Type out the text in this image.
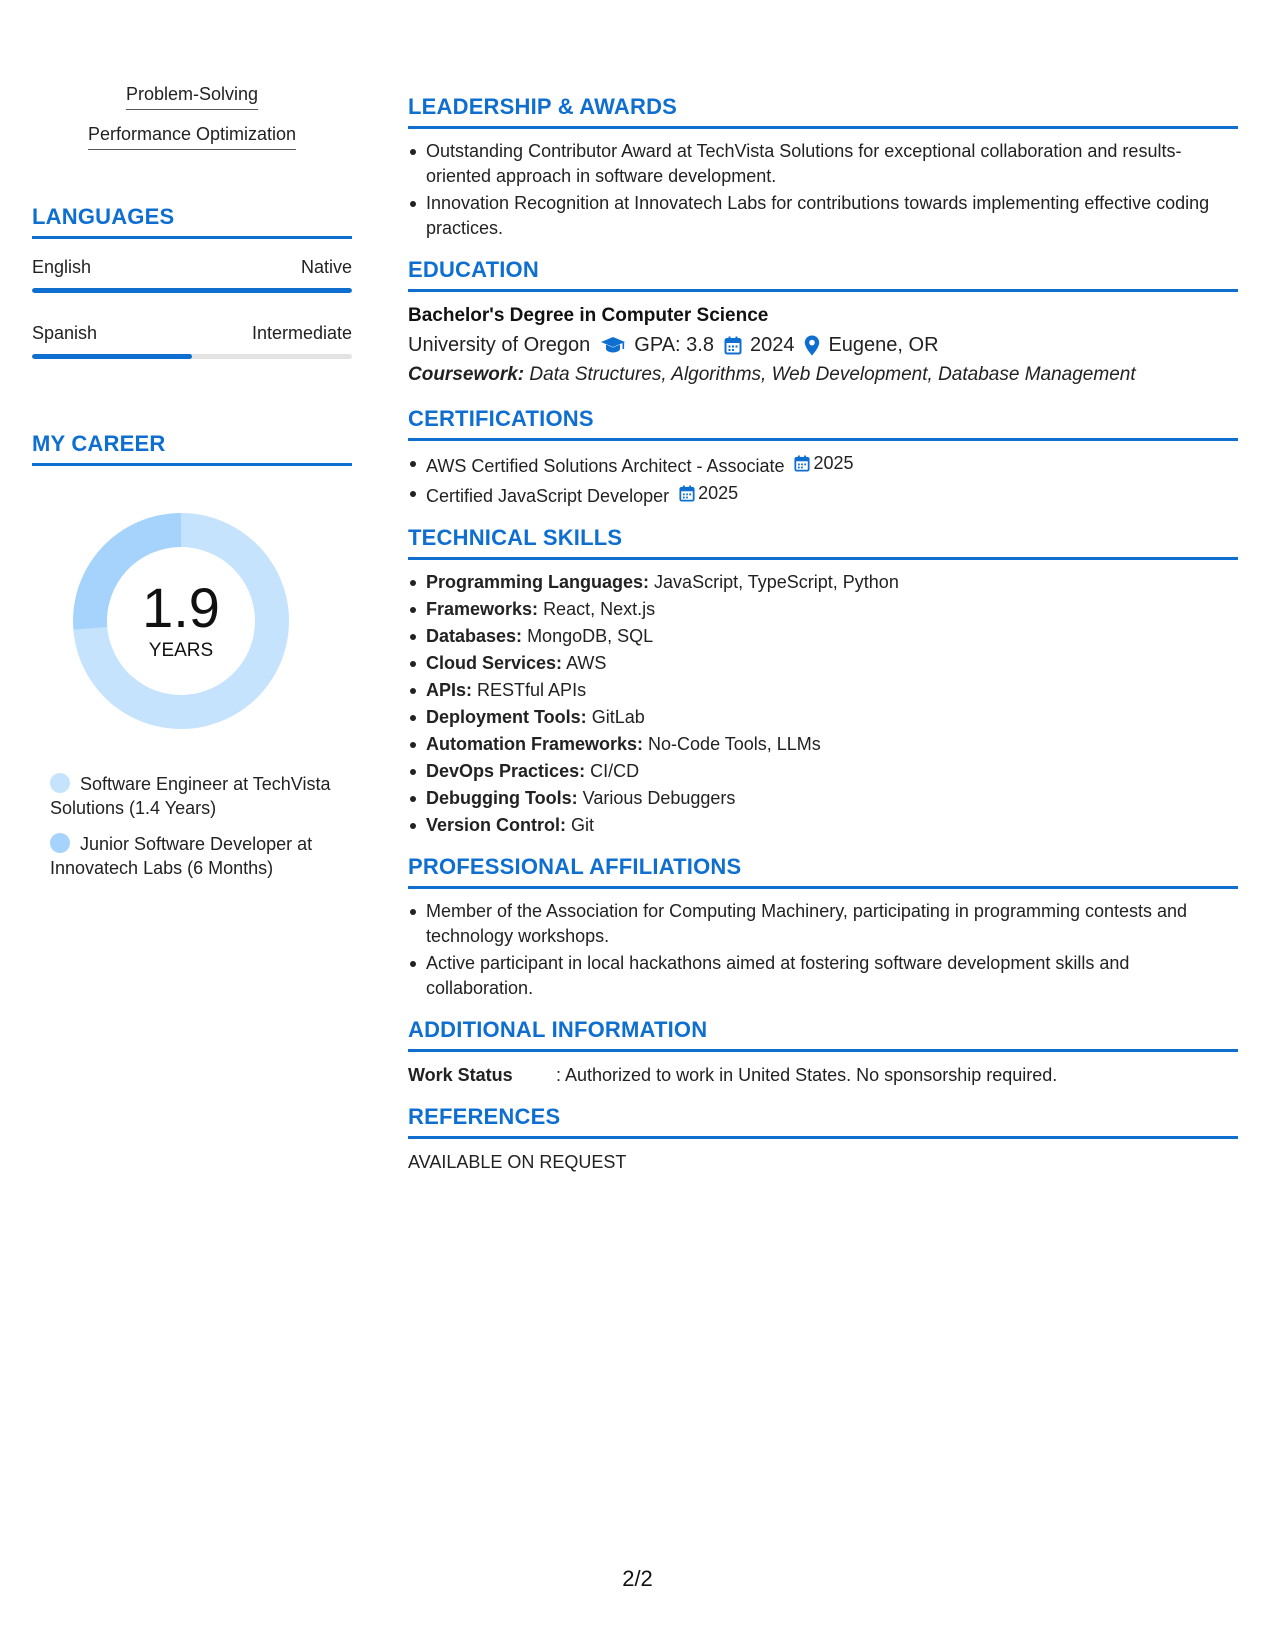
Problem-Solving
Performance Optimization
LANGUAGES
English	Native
Spanish	Intermediate
MY CAREER
1.9
YEARS
Software Engineer at TechVista Solutions (1.4 Years)
Junior Software Developer at Innovatech Labs (6 Months)
LEADERSHIP & AWARDS
Outstanding Contributor Award at TechVista Solutions for exceptional collaboration and results-oriented approach in software development.
Innovation Recognition at Innovatech Labs for contributions towards implementing effective coding practices.
EDUCATION
Bachelor's Degree in Computer Science
University of Oregon GPA: 3.8 2024 Eugene, OR
Coursework: Data Structures, Algorithms, Web Development, Database Management
CERTIFICATIONS
AWS Certified Solutions Architect - Associate 2025
Certified JavaScript Developer 2025
TECHNICAL SKILLS
Programming Languages: JavaScript, TypeScript, Python
Frameworks: React, Next.js
Databases: MongoDB, SQL
Cloud Services: AWS
APIs: RESTful APIs
Deployment Tools: GitLab
Automation Frameworks: No-Code Tools, LLMs
DevOps Practices: CI/CD
Debugging Tools: Various Debuggers
Version Control: Git
PROFESSIONAL AFFILIATIONS
Member of the Association for Computing Machinery, participating in programming contests and technology workshops.
Active participant in local hackathons aimed at fostering software development skills and collaboration.
ADDITIONAL INFORMATION
Work Status	: Authorized to work in United States. No sponsorship required.
REFERENCES
AVAILABLE ON REQUEST
2/2
